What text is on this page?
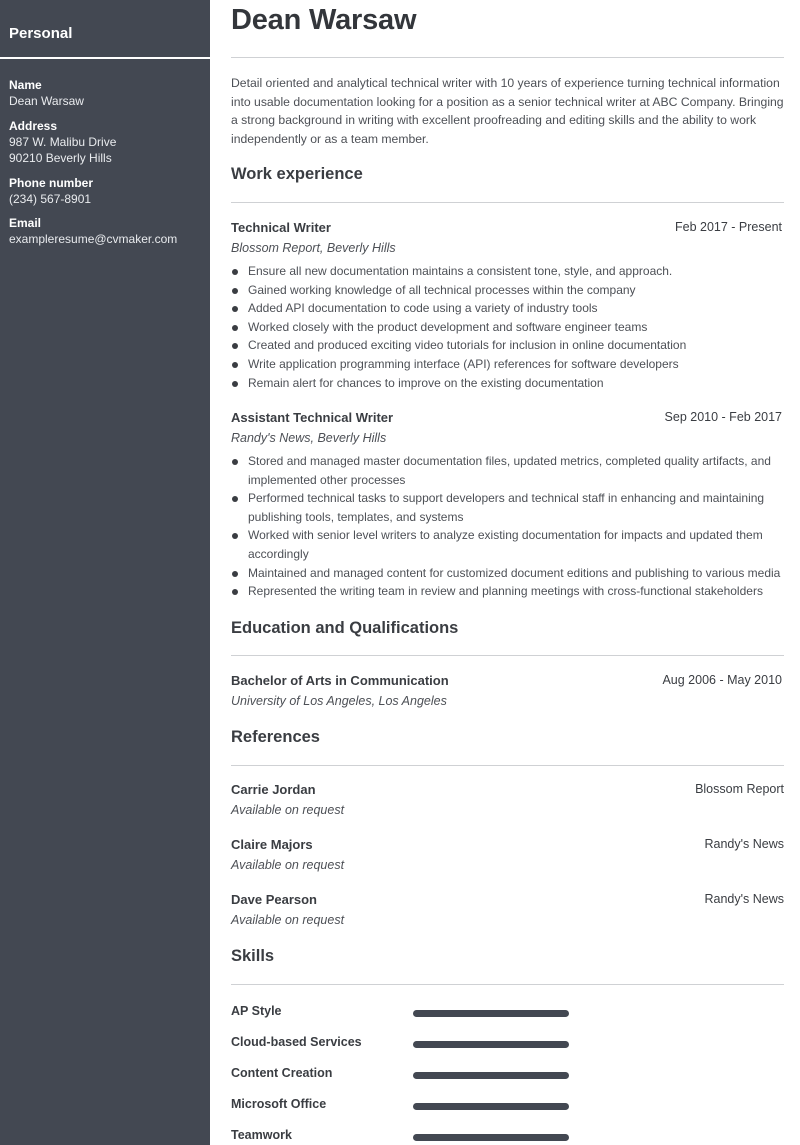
Personal
Name
Dean Warsaw
Address
987 W. Malibu Drive
90210 Beverly Hills
Phone number
(234) 567-8901
Email
exampleresume@cvmaker.com
Dean Warsaw

Detail oriented and analytical technical writer with 10 years of experience turning technical information into usable documentation looking for a position as a senior technical writer at ABC Company. Bringing a strong background in writing with excellent proofreading and editing skills and the ability to work independently or as a team member.

Work experience
Technical Writer	Feb 2017 - Present
Blossom Report, Beverly Hills
Ensure all new documentation maintains a consistent tone, style, and approach.
Gained working knowledge of all technical processes within the company
Added API documentation to code using a variety of industry tools
Worked closely with the product development and software engineer teams
Created and produced exciting video tutorials for inclusion in online documentation
Write application programming interface (API) references for software developers
Remain alert for chances to improve on the existing documentation
Assistant Technical Writer	Sep 2010 - Feb 2017
Randy's News, Beverly Hills
Stored and managed master documentation files, updated metrics, completed quality artifacts, and implemented other processes
Performed technical tasks to support developers and technical staff in enhancing and maintaining publishing tools, templates, and systems
Worked with senior level writers to analyze existing documentation for impacts and updated them accordingly
Maintained and managed content for customized document editions and publishing to various media
Represented the writing team in review and planning meetings with cross-functional stakeholders
Education and Qualifications
Bachelor of Arts in Communication	Aug 2006 - May 2010
University of Los Angeles, Los Angeles
References
Carrie Jordan	Blossom Report
Available on request
Claire Majors	Randy's News
Available on request
Dave Pearson	Randy's News
Available on request
Skills
AP Style
Cloud-based Services
Content Creation
Microsoft Office
Teamwork
